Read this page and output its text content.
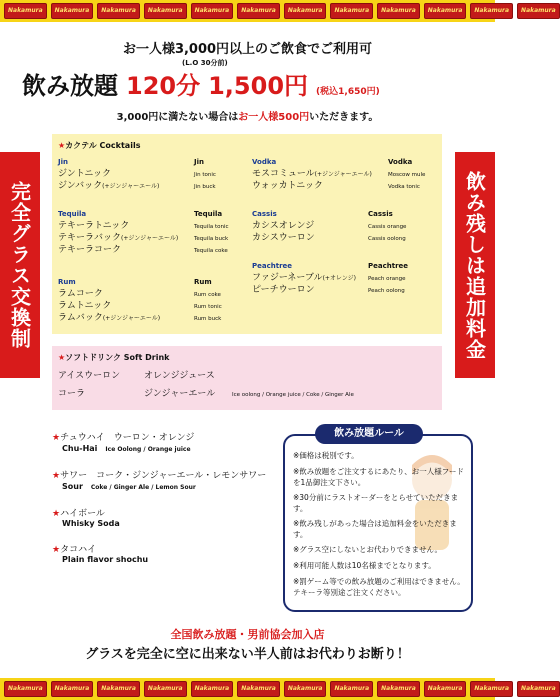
Nakamura	Nakamura	Nakamura	Nakamura	Nakamura	Nakamura	Nakamura	Nakamura	Nakamura	Nakamura	Nakamura	Nakamura
お一人様3,000円以上のご飲食でご利用可
(L.O 30分前)
飲み放題 120分 1,500円 (税込1,650円)
3,000円に満たない場合はお一人様500円いただきます。
完全グラス交換制	飲み残しは追加料金
★カクテル Cocktails
Jin	Jin
ジントニック	Jin tonic
ジンバック(+ジンジャーエール)	Jin buck
Vodka	Vodka
モスコミュール(+ジンジャーエール)	Moscow mule
ウォッカトニック	Vodka tonic
Tequila	Tequila
テキーラトニック	Tequila tonic
テキーラバック(+ジンジャーエール)	Tequila buck
テキーラコーク	Tequila coke
Cassis	Cassis
カシスオレンジ	Cassis orange
カシスウーロン	Cassis oolong
Peachtree	Peachtree
ファジーネーブル(+オレンジ) Peach orange
ピーチウーロン	Peach oolong
Rum	Rum
ラムコーク	Rum coke
ラムトニック	Rum tonic
ラムバック(+ジンジャーエール)	Rum buck
★ソフトドリンク Soft Drink
アイスウーロン	オレンジジュース
コーラ	ジンジャーエール	Ice oolong / Orange juice / Coke / Ginger Ale
★チュウハイ　ウーロン・オレンジ
Chu-Hai　 Ice Oolong / Orange juice
★サワー　コーク・ジンジャーエール・レモンサワー
Sour　 Coke / Ginger Ale / Lemon Sour
★ハイボール
Whisky Soda
★タコハイ
Plain flavor shochu
※価格は税別です。
※飲み放題をご注文するにあたり、お一人様フードを1品御注文下さい。
※30分前にラストオーダーをとらせていただきます。
※飲み残しがあった場合は追加料金をいただきます。
※グラス空にしないとお代わりできません。
※利用可能人数は10名様までとなります。
※罰ゲーム等での飲み放題のご利用はできません。テキーラ等別途ご注文ください。
飲み放題ルール
全国飲み放題・男前協会加入店
グラスを完全に空に出来ない半人前はお代わりお断り！
Nakamura	Nakamura	Nakamura	Nakamura	Nakamura	Nakamura	Nakamura	Nakamura	Nakamura	Nakamura	Nakamura	Nakamura
